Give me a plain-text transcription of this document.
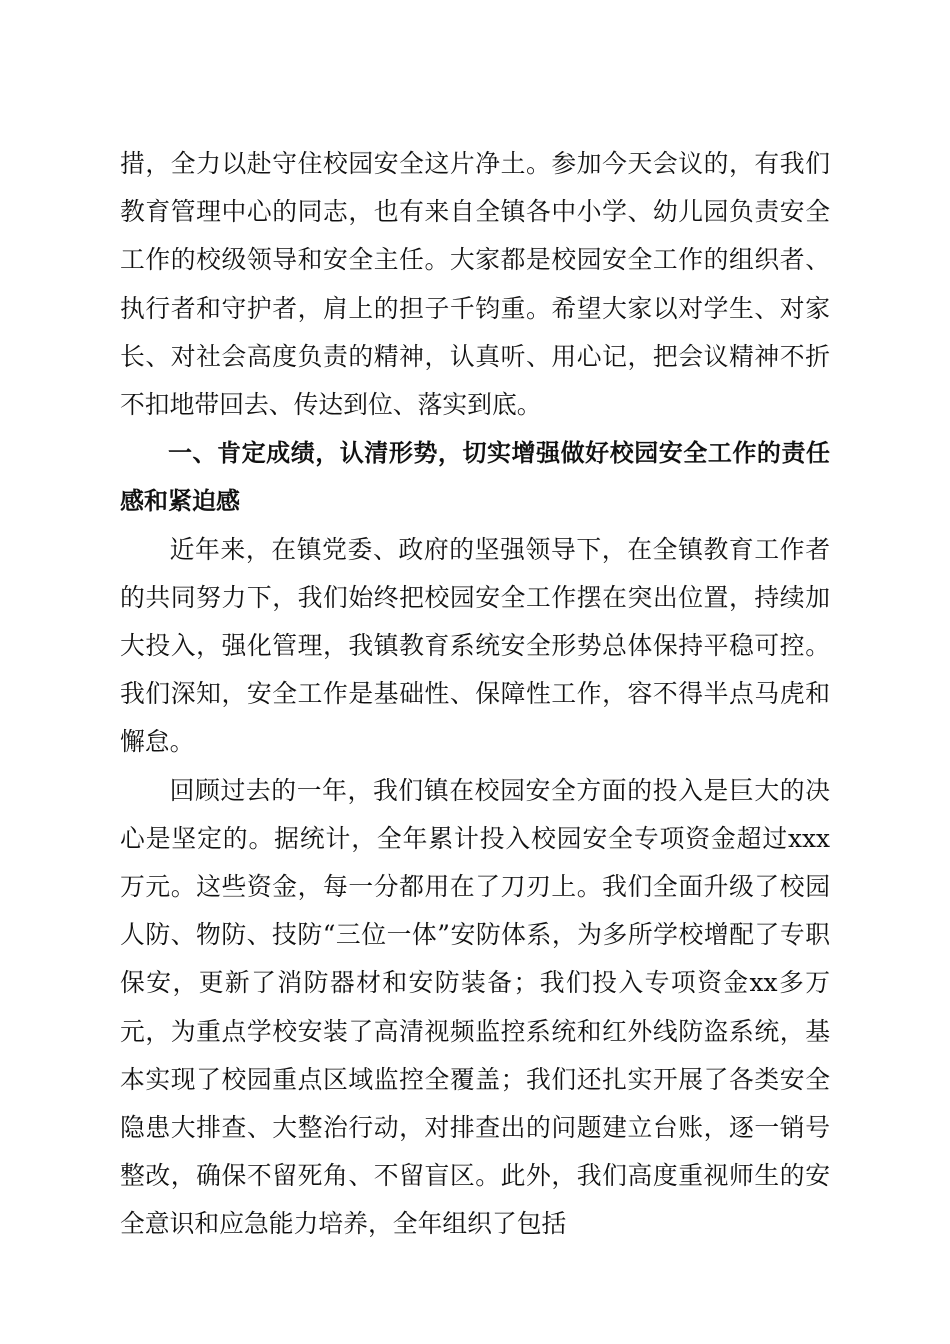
措，全力以赴守住校园安全这片净土。参加今天会议的，有我们教育管理中心的同志，也有来自全镇各中小学、幼儿园负责安全工作的校级领导和安全主任。大家都是校园安全工作的组织者、执行者和守护者，肩上的担子千钧重。希望大家以对学生、对家长、对社会高度负责的精神，认真听、用心记，把会议精神不折不扣地带回去、传达到位、落实到底。

一、肯定成绩，认清形势，切实增强做好校园安全工作的责任感和紧迫感

近年来，在镇党委、政府的坚强领导下，在全镇教育工作者的共同努力下，我们始终把校园安全工作摆在突出位置，持续加大投入，强化管理，我镇教育系统安全形势总体保持平稳可控。我们深知，安全工作是基础性、保障性工作，容不得半点马虎和懈怠。

回顾过去的一年，我们镇在校园安全方面的投入是巨大的决心是坚定的。据统计，全年累计投入校园安全专项资金超过xxx万元。这些资金，每一分都用在了刀刃上。我们全面升级了校园人防、物防、技防“三位一体”安防体系，为多所学校增配了专职保安，更新了消防器材和安防装备；我们投入专项资金xx多万元，为重点学校安装了高清视频监控系统和红外线防盗系统，基本实现了校园重点区域监控全覆盖；我们还扎实开展了各类安全隐患大排查、大整治行动，对排查出的问题建立台账，逐一销号整改，确保不留死角、不留盲区。此外，我们高度重视师生的安全意识和应急能力培养，全年组织了包括
